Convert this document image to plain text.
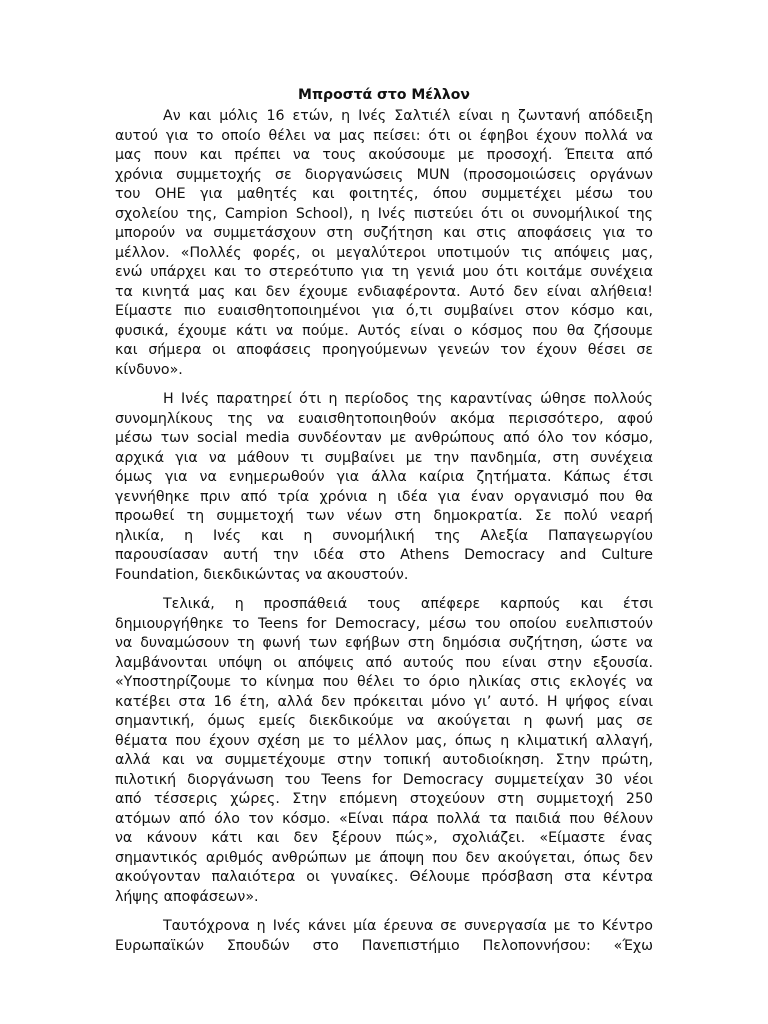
Μπροστά στο Μέλλον
Αν και μόλις 16 ετών, η Ινές Σαλτιέλ είναι η ζωντανή απόδειξη
αυτού για το οποίο θέλει να μας πείσει: ότι οι έφηβοι έχουν πολλά να
μας πουν και πρέπει να τους ακούσουμε με προσοχή. Έπειτα από
χρόνια συμμετοχής σε διοργανώσεις MUN (προσομοιώσεις οργάνων
του ΟΗΕ για μαθητές και φοιτητές, όπου συμμετέχει μέσω του
σχολείου της, Campion School), η Ινές πιστεύει ότι οι συνομήλικοί της
μπορούν να συμμετάσχουν στη συζήτηση και στις αποφάσεις για το
μέλλον. «Πολλές φορές, οι μεγαλύτεροι υποτιμούν τις απόψεις μας,
ενώ υπάρχει και το στερεότυπο για τη γενιά μου ότι κοιτάμε συνέχεια
τα κινητά μας και δεν έχουμε ενδιαφέροντα. Αυτό δεν είναι αλήθεια!
Είμαστε πιο ευαισθητοποιημένοι για ό,τι συμβαίνει στον κόσμο και,
φυσικά, έχουμε κάτι να πούμε. Αυτός είναι ο κόσμος που θα ζήσουμε
και σήμερα οι αποφάσεις προηγούμενων γενεών τον έχουν θέσει σε
κίνδυνο».
Η Ινές παρατηρεί ότι η περίοδος της καραντίνας ώθησε πολλούς
συνομηλίκους της να ευαισθητοποιηθούν ακόμα περισσότερο, αφού
μέσω των social media συνδέονταν με ανθρώπους από όλο τον κόσμο,
αρχικά για να μάθουν τι συμβαίνει με την πανδημία, στη συνέχεια
όμως για να ενημερωθούν για άλλα καίρια ζητήματα. Κάπως έτσι
γεννήθηκε πριν από τρία χρόνια η ιδέα για έναν οργανισμό που θα
προωθεί τη συμμετοχή των νέων στη δημοκρατία. Σε πολύ νεαρή
ηλικία, η Ινές και η συνομήλική της Αλεξία Παπαγεωργίου
παρουσίασαν αυτή την ιδέα στο Athens Democracy and Culture
Foundation, διεκδικώντας να ακουστούν.
Τελικά, η προσπάθειά τους απέφερε καρπούς και έτσι
δημιουργήθηκε το Teens for Democracy, μέσω του οποίου ευελπιστούν
να δυναμώσουν τη φωνή των εφήβων στη δημόσια συζήτηση, ώστε να
λαμβάνονται υπόψη οι απόψεις από αυτούς που είναι στην εξουσία.
«Υποστηρίζουμε το κίνημα που θέλει το όριο ηλικίας στις εκλογές να
κατέβει στα 16 έτη, αλλά δεν πρόκειται μόνο γι’ αυτό. Η ψήφος είναι
σημαντική, όμως εμείς διεκδικούμε να ακούγεται η φωνή μας σε
θέματα που έχουν σχέση με το μέλλον μας, όπως η κλιματική αλλαγή,
αλλά και να συμμετέχουμε στην τοπική αυτοδιοίκηση. Στην πρώτη,
πιλοτική διοργάνωση του Teens for Democracy συμμετείχαν 30 νέοι
από τέσσερις χώρες. Στην επόμενη στοχεύουν στη συμμετοχή 250
ατόμων από όλο τον κόσμο. «Είναι πάρα πολλά τα παιδιά που θέλουν
να κάνουν κάτι και δεν ξέρουν πώς», σχολιάζει. «Είμαστε ένας
σημαντικός αριθμός ανθρώπων με άποψη που δεν ακούγεται, όπως δεν
ακούγονταν παλαιότερα οι γυναίκες. Θέλουμε πρόσβαση στα κέντρα
λήψης αποφάσεων».
Ταυτόχρονα η Ινές κάνει μία έρευνα σε συνεργασία με το Κέντρο
Ευρωπαϊκών Σπουδών στο Πανεπιστήμιο Πελοποννήσου: «Έχω
